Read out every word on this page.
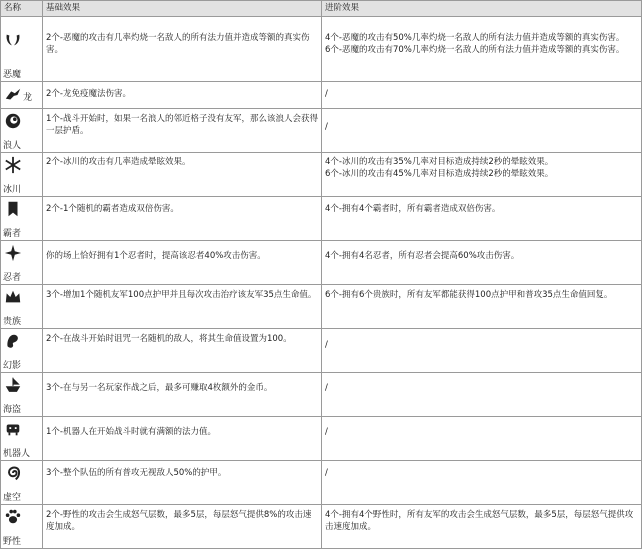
名称	基础效果	进阶效果
恶魔	2个-恶魔的攻击有几率灼烧一名敌人的所有法力值并造成等额的真实伤害。	4个-恶魔的攻击有50%几率灼烧一名敌人的所有法力值并造成等额的真实伤害。
6个-恶魔的攻击有70%几率灼烧一名敌人的所有法力值并造成等额的真实伤害。

龙	2个-龙免疫魔法伤害。	/
浪人	1个-战斗开始时，如果一名浪人的邻近格子没有友军，那么该浪人会获得一层护盾。	/
冰川	2个-冰川的攻击有几率造成晕眩效果。	4个-冰川的攻击有35%几率对目标造成持续2秒的晕眩效果。
6个-冰川的攻击有45%几率对目标造成持续2秒的晕眩效果。

霸者	2个-1个随机的霸者造成双倍伤害。	4个-拥有4个霸者时，所有霸者造成双倍伤害。
忍者	你的场上恰好拥有1个忍者时，提高该忍者40%攻击伤害。	4个-拥有4名忍者，所有忍者会提高60%攻击伤害。
贵族	3个-增加1个随机友军100点护甲并且每次攻击治疗该友军35点生命值。	6个-拥有6个贵族时，所有友军都能获得100点护甲和普攻35点生命值回复。
幻影	2个-在战斗开始时诅咒一名随机的敌人，将其生命值设置为100。	/
海盗	3个-在与另一名玩家作战之后，最多可赚取4枚额外的金币。	/
机器人	1个-机器人在开始战斗时就有满额的法力值。	/
虚空	3个-整个队伍的所有普攻无视敌人50%的护甲。	/
野性	2个-野性的攻击会生成怒气层数，最多5层，每层怒气提供8%的攻击速度加成。	4个-拥有4个野性时，所有友军的攻击会生成怒气层数，最多5层，每层怒气提供攻击速度加成。
